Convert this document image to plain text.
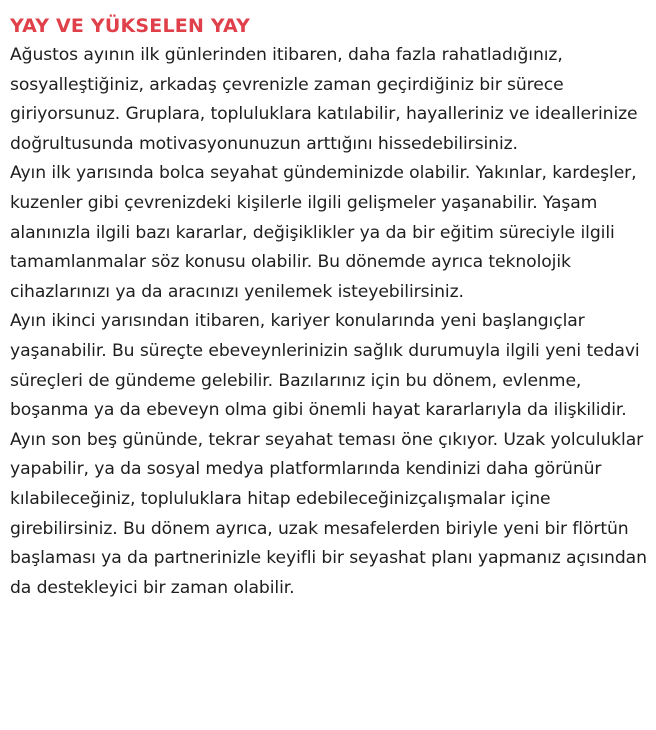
YAY VE YÜKSELEN YAY

Ağustos ayının ilk günlerinden itibaren, daha fazla rahatladığınız, sosyalleştiğiniz, arkadaş çevrenizle zaman geçirdiğiniz bir sürece giriyorsunuz. Gruplara, topluluklara katılabilir, hayalleriniz ve ideallerinize doğrultusunda motivasyonunuzun arttığını hissedebilirsiniz.

Ayın ilk yarısında bolca seyahat gündeminizde olabilir. Yakınlar, kardeşler, kuzenler gibi çevrenizdeki kişilerle ilgili gelişmeler yaşanabilir. Yaşam alanınızla ilgili bazı kararlar, değişiklikler ya da bir eğitim süreciyle ilgili tamamlanmalar söz konusu olabilir. Bu dönemde ayrıca teknolojik cihazlarınızı ya da aracınızı yenilemek isteyebilirsiniz.

Ayın ikinci yarısından itibaren, kariyer konularında yeni başlangıçlar yaşanabilir. Bu süreçte ebeveynlerinizin sağlık durumuyla ilgili yeni tedavi süreçleri de gündeme gelebilir. Bazılarınız için bu dönem, evlenme, boşanma ya da ebeveyn olma gibi önemli hayat kararlarıyla da ilişkilidir.

Ayın son beş gününde, tekrar seyahat teması öne çıkıyor. Uzak yolculuklar yapabilir, ya da sosyal medya platformlarında kendinizi daha görünür kılabileceğiniz, topluluklara hitap edebileceğinizçalışmalar içine girebilirsiniz. Bu dönem ayrıca, uzak mesafelerden biriyle yeni bir flörtün başlaması ya da partnerinizle keyifli bir seyashat planı yapmanız açısından da destekleyici bir zaman olabilir.
